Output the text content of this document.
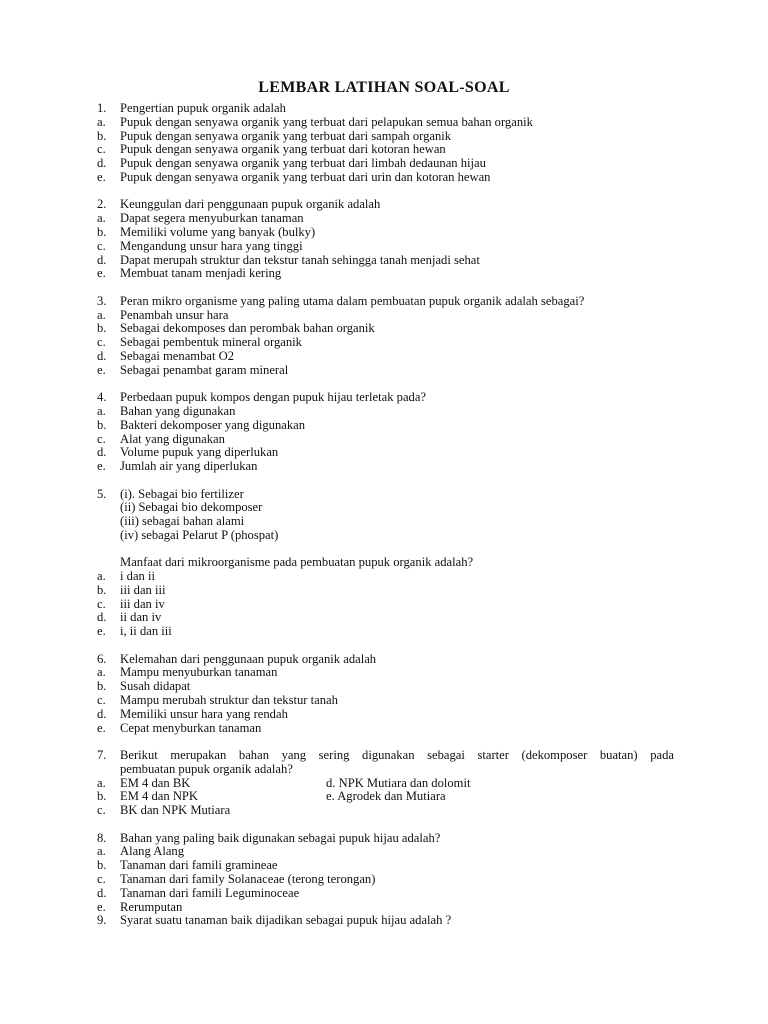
LEMBAR LATIHAN SOAL-SOAL
1. Pengertian pupuk organik adalah
a. Pupuk dengan senyawa organik yang terbuat dari pelapukan semua bahan organik
b. Pupuk dengan senyawa organik yang terbuat dari sampah organik
c. Pupuk dengan senyawa organik yang terbuat dari kotoran hewan
d. Pupuk dengan senyawa organik yang terbuat dari limbah dedaunan hijau
e. Pupuk dengan senyawa organik yang terbuat dari urin dan kotoran hewan
2. Keunggulan dari penggunaan pupuk organik adalah
a. Dapat segera menyuburkan tanaman
b. Memiliki volume yang banyak (bulky)
c. Mengandung unsur hara yang tinggi
d. Dapat merupah struktur dan tekstur tanah sehingga tanah menjadi sehat
e. Membuat tanam menjadi kering
3. Peran mikro organisme yang paling utama dalam pembuatan pupuk organik adalah sebagai?
a. Penambah unsur hara
b. Sebagai dekomposes dan perombak bahan organik
c. Sebagai pembentuk mineral organik
d. Sebagai menambat O2
e. Sebagai penambat garam mineral
4. Perbedaan pupuk kompos dengan pupuk hijau terletak pada?
a. Bahan yang digunakan
b. Bakteri dekomposer yang digunakan
c. Alat yang digunakan
d. Volume pupuk yang diperlukan
e. Jumlah air yang diperlukan
5. (i). Sebagai bio fertilizer
(ii) Sebagai bio dekomposer
(iii) sebagai bahan alami
(iv) sebagai Pelarut P (phospat)
Manfaat dari mikroorganisme pada pembuatan pupuk organik adalah?
a. i dan ii
b. iii dan iii
c. iii dan iv
d. ii dan iv
e. i, ii dan iii
6. Kelemahan dari penggunaan pupuk organik adalah
a. Mampu menyuburkan tanaman
b. Susah didapat
c. Mampu merubah struktur dan tekstur tanah
d. Memiliki unsur hara yang rendah
e. Cepat menyburkan tanaman
7. Berikut merupakan bahan yang sering digunakan sebagai starter (dekomposer buatan) pada
pembuatan pupuk organik adalah?
a. EM 4 dan BK	d. NPK Mutiara dan dolomit
b. EM 4 dan NPK	e. Agrodek dan Mutiara
c. BK dan NPK Mutiara
8. Bahan yang paling baik digunakan sebagai pupuk hijau adalah?
a. Alang Alang
b. Tanaman dari famili gramineae
c. Tanaman dari family Solanaceae (terong terongan)
d. Tanaman dari famili Leguminoceae
e. Rerumputan
9. Syarat suatu tanaman baik dijadikan sebagai pupuk hijau adalah ?
